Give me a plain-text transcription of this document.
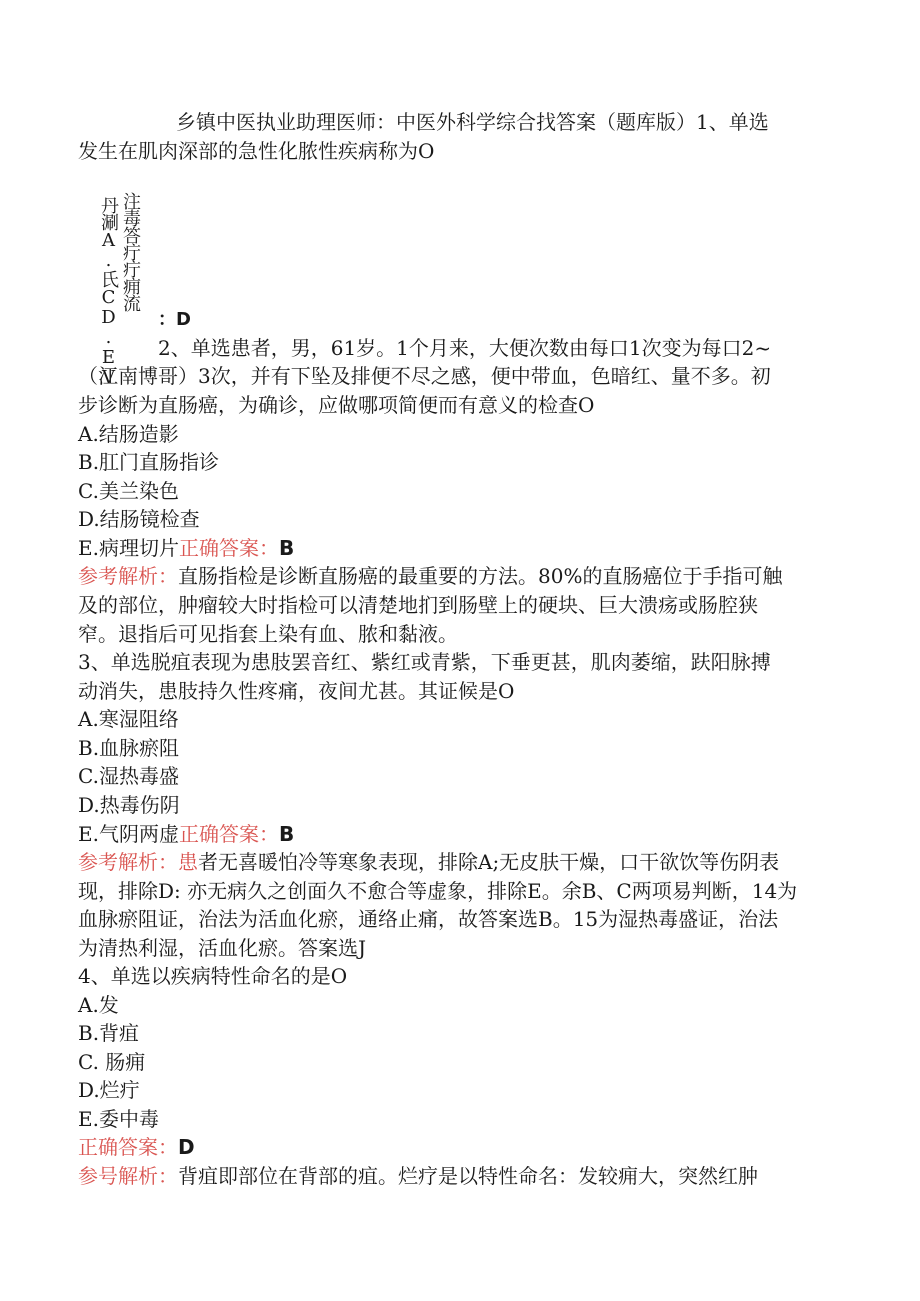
乡镇中医执业助理医师：中医外科学综合找答案（题库版）1、单选
发生在肌肉深部的急性化脓性疾病称为O
注毒答疔疔痈流
丹涮A.氏CD.EV ：D
2、单选患者，男，61岁。1个月来，大便次数由每口1次变为每口2~
（江南博哥）3次，并有下坠及排便不尽之感，便中带血，色暗红、量不多。初
步诊断为直肠癌，为确诊，应做哪项简便而有意义的检查O
A.结肠造影
B.肛门直肠指诊
C.美兰染色
D.结肠镜检查
E.病理切片正确答案：B
参考解析：直肠指检是诊断直肠癌的最重要的方法。80%的直肠癌位于手指可触
及的部位，肿瘤较大时指检可以清楚地扪到肠壁上的硬块、巨大溃疡或肠腔狭
窄。退指后可见指套上染有血、脓和黏液。
3、单选脱疽表现为患肢罢音红、紫红或青紫，下垂更甚，肌肉萎缩，趺阳脉搏
动消失，患肢持久性疼痛，夜间尤甚。其证候是O
A.寒湿阻络
B.血脉瘀阻
C.湿热毒盛
D.热毒伤阴
E.气阴两虚正确答案：B
参考解析：患者无喜暖怕冷等寒象表现，排除A;无皮肤干燥，口干欲饮等伤阴表
现，排除D: 亦无病久之创面久不愈合等虚象，排除E。余B、C两项易判断，14为
血脉瘀阻证，治法为活血化瘀，通络止痛，故答案选B。15为湿热毒盛证，治法
为清热利湿，活血化瘀。答案选J
4、单选以疾病特性命名的是O
A.发
B.背疽
C. 肠痈
D.烂疔
E.委中毒
正确答案：D
参号解析：背疽即部位在背部的疽。烂疗是以特性命名：发较痈大，突然红肿
